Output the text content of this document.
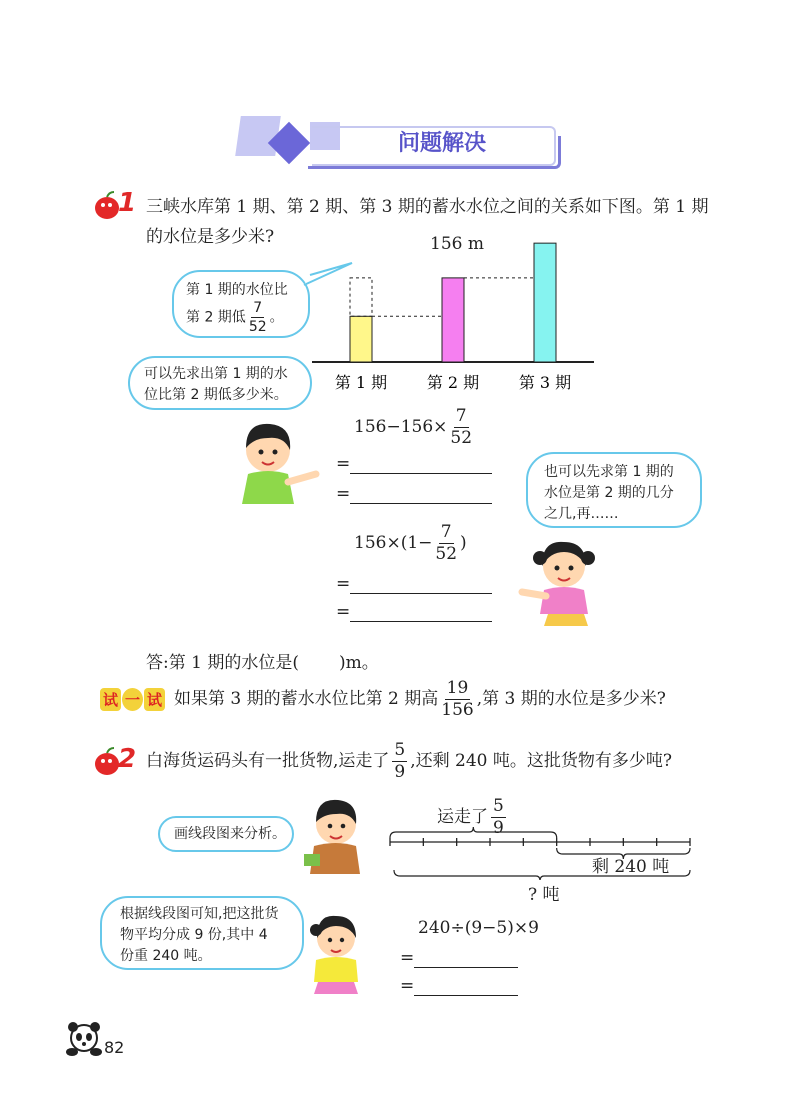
问题解决
1 三峡水库第 1 期、第 2 期、第 3 期的蓄水水位之间的关系如下图。第 1 期
的水位是多少米?
第 1 期 第 2 期 第 3 期
156 m
第 1 期的水位比
第 2 期低 $\frac{7}{52}$ 。
可以先求出第 1 期的水位比第 2 期低多少米。
$156-156\times \frac{7}{52}$
=
=
也可以先求第 1 期的水位是第 2 期的几分之几,再……
$156\times(1- \frac{7}{52}$ )
=
=
答:第 1 期的水位是( )m。
试 一 试 如果第 3 期的蓄水水位比第 2 期高 $\frac{19}{156}$ ,第 3 期的水位是多少米?
2 白海货运码头有一批货物,运走了 $\frac{5}{9}$ ,还剩 240 吨。这批货物有多少吨?
画线段图来分析。
运走了 $\frac{5}{9}$
剩 240 吨
? 吨
根据线段图可知,把这批货物平均分成 9 份,其中 4 份重 240 吨。
240÷(9−5)×9
=
=
82
